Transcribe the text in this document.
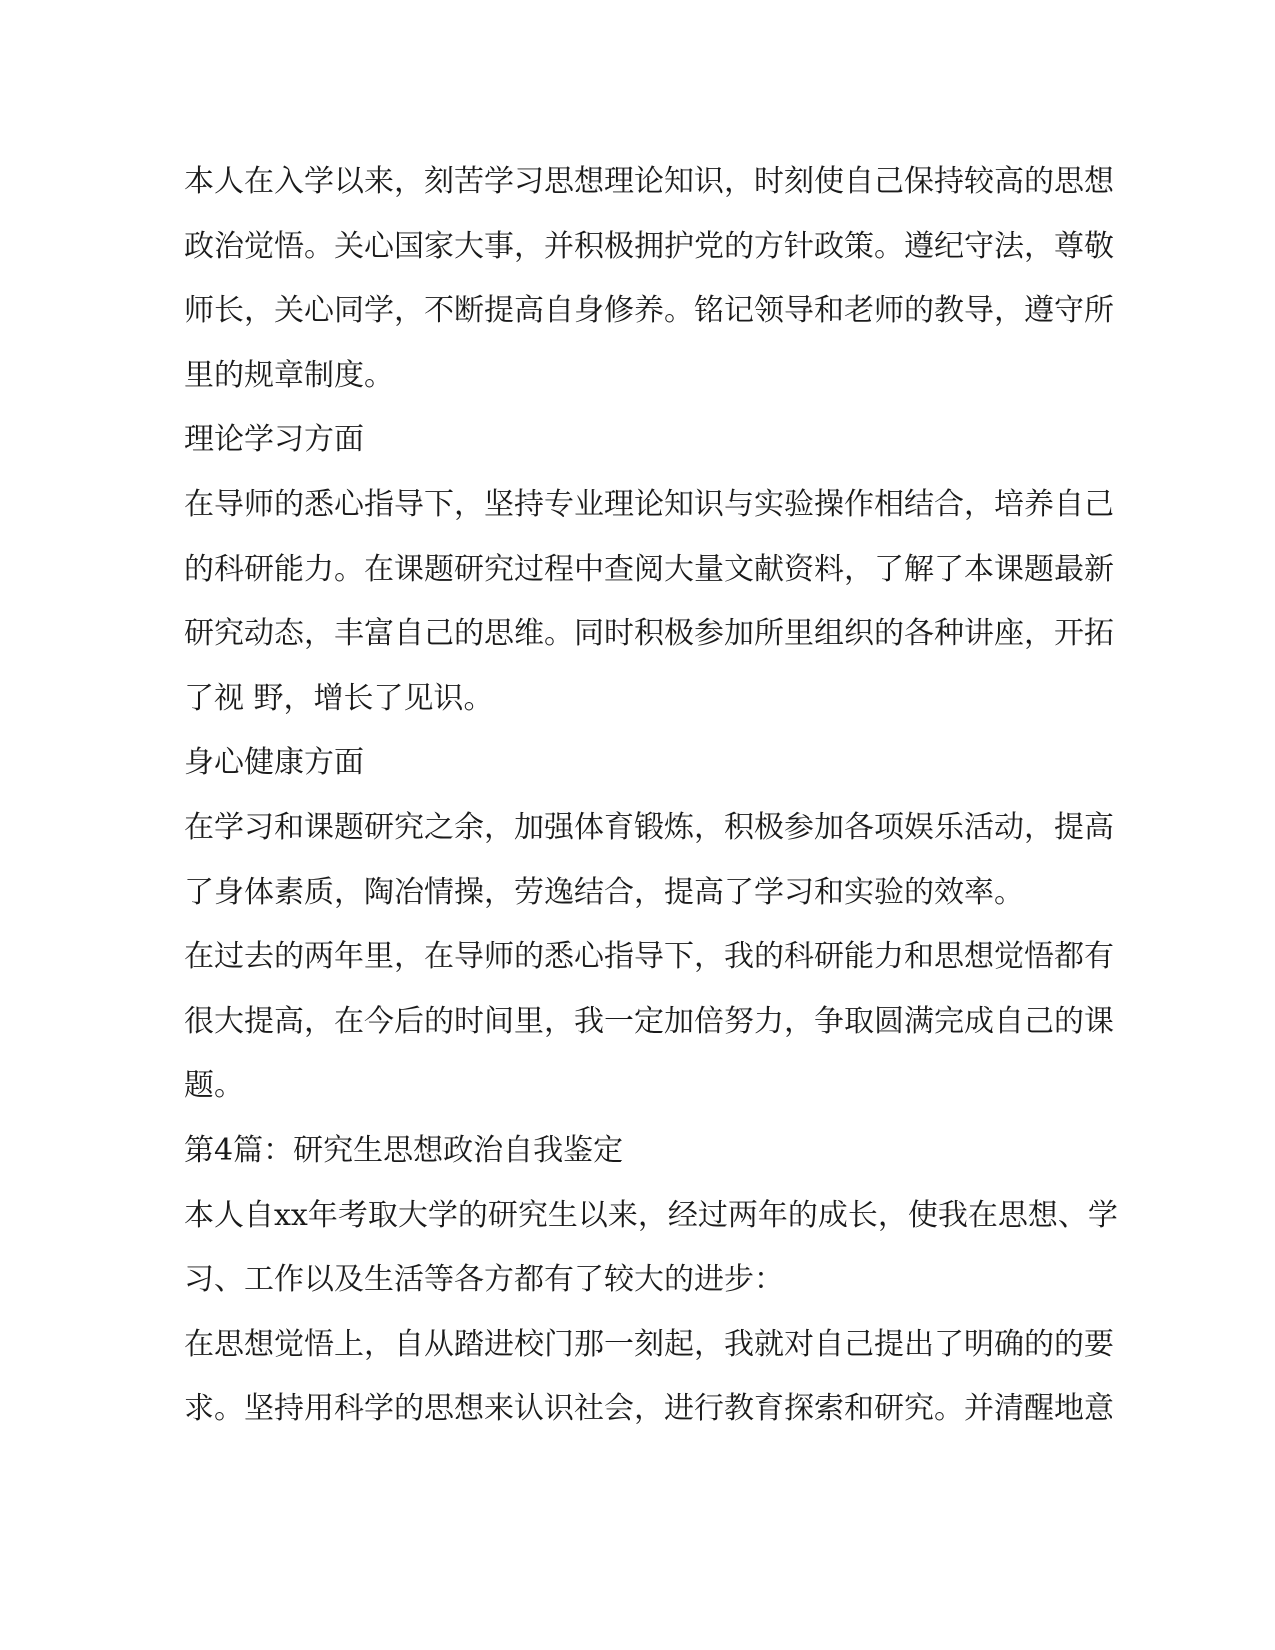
本人在入学以来，刻苦学习思想理论知识，时刻使自己保持较高的思想
政治觉悟。关心国家大事，并积极拥护党的方针政策。遵纪守法，尊敬
师长，关心同学，不断提高自身修养。铭记领导和老师的教导，遵守所
里的规章制度。
理论学习方面
在导师的悉心指导下，坚持专业理论知识与实验操作相结合，培养自己
的科研能力。在课题研究过程中查阅大量文献资料，了解了本课题最新
研究动态，丰富自己的思维。同时积极参加所里组织的各种讲座，开拓
了视 野，增长了见识。
身心健康方面
在学习和课题研究之余，加强体育锻炼，积极参加各项娱乐活动，提高
了身体素质，陶冶情操，劳逸结合，提高了学习和实验的效率。
在过去的两年里，在导师的悉心指导下，我的科研能力和思想觉悟都有
很大提高，在今后的时间里，我一定加倍努力，争取圆满完成自己的课
题。
第4篇：研究生思想政治自我鉴定
本人自xx年考取大学的研究生以来，经过两年的成长，使我在思想、学
习、工作以及生活等各方都有了较大的进步：
在思想觉悟上，自从踏进校门那一刻起，我就对自己提出了明确的的要
求。坚持用科学的思想来认识社会，进行教育探索和研究。并清醒地意
